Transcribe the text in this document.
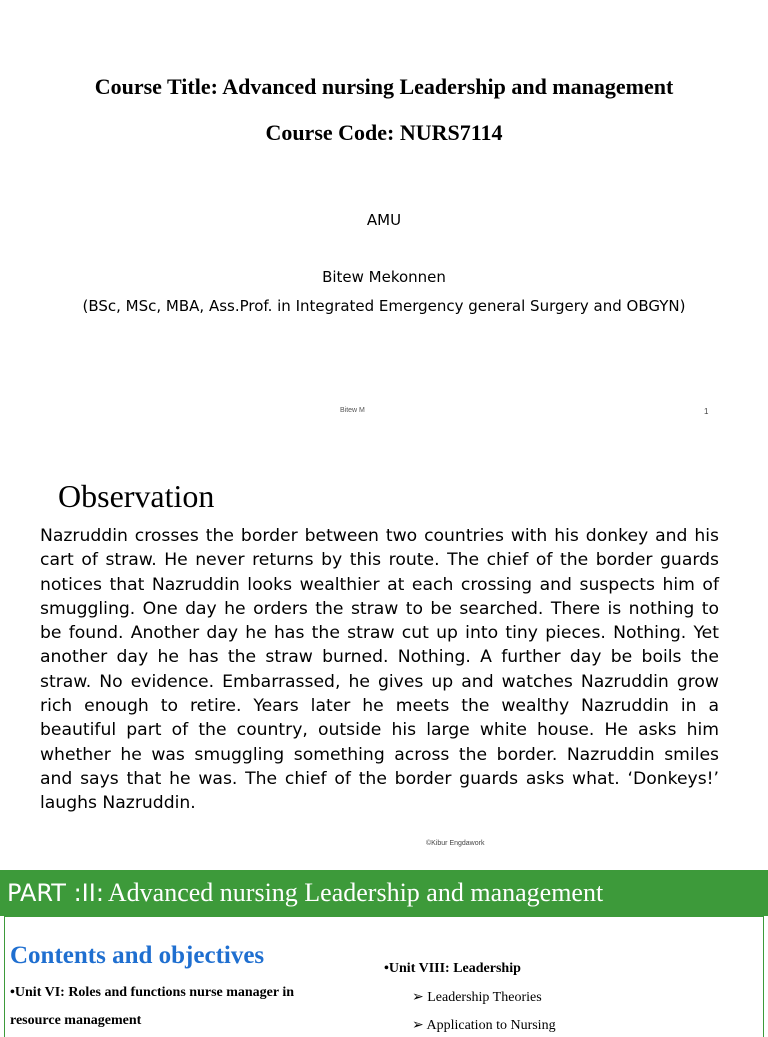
Course Title: Advanced nursing Leadership and management
Course Code: NURS7114
AMU
Bitew Mekonnen
(BSc, MSc, MBA, Ass.Prof. in Integrated Emergency general Surgery and OBGYN)
Bitew M	1
Observation
Nazruddin crosses the border between two countries with his donkey and his cart of straw. He never returns by this route. The chief of the border guards notices that Nazruddin looks wealthier at each crossing and suspects him of smuggling. One day he orders the straw to be searched. There is nothing to be found. Another day he has the straw cut up into tiny pieces. Nothing. Yet another day he has the straw burned. Nothing. A further day be boils the straw. No evidence. Embarrassed, he gives up and watches Nazruddin grow rich enough to retire. Years later he meets the wealthy Nazruddin in a beautiful part of the country, outside his large white house. He asks him whether he was smuggling something across the border. Nazruddin smiles and says that he was. The chief of the border guards asks what. ‘Donkeys!’ laughs Nazruddin.
©Kibur Engdawork
PART :II: Advanced nursing Leadership and management
Contents and objectives
•Unit VI: Roles and functions nurse manager in
resource management
•Unit VIII: Leadership
➢ Leadership Theories
➢ Application to Nursing
